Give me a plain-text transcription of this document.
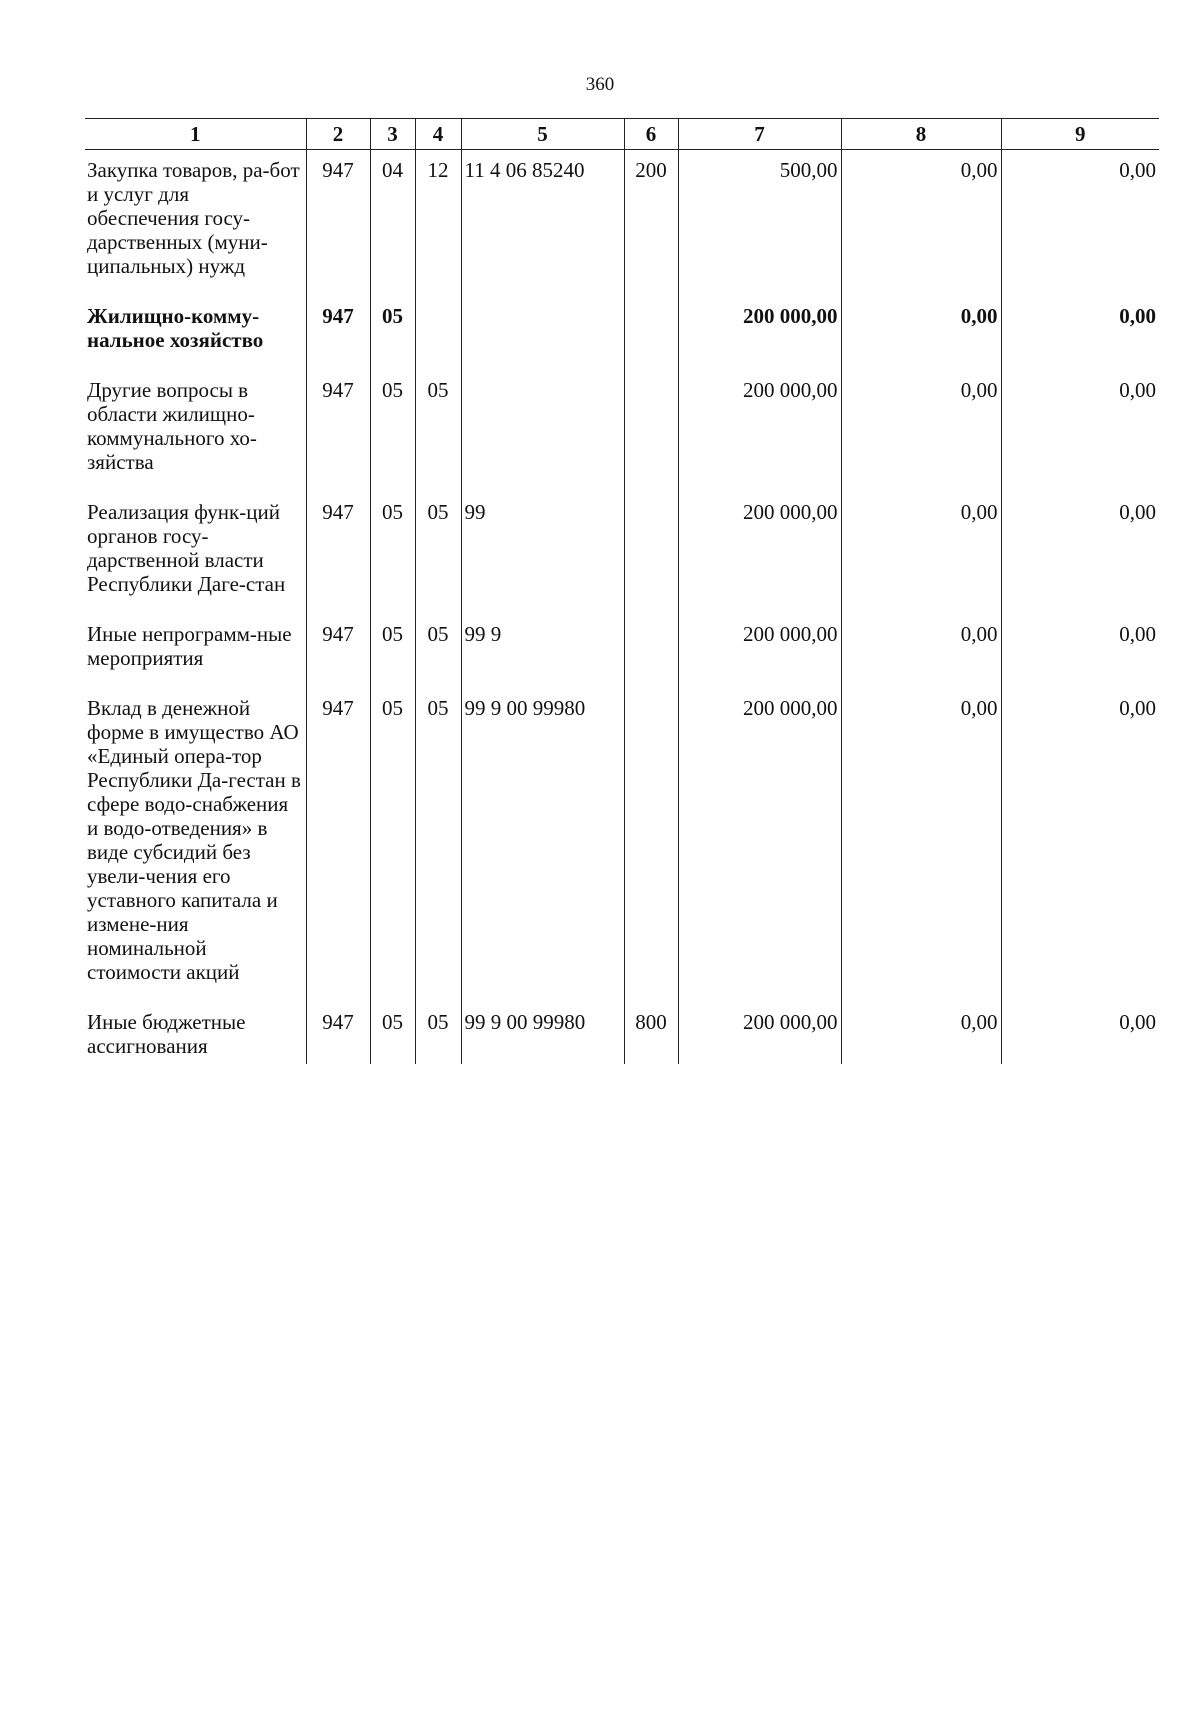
360
1	2	3	4	5	6	7	8	9
Закупка товаров, ра-бот и услуг для обеспечения госу-дарственных (муни-ципальных) нужд	947	04	12	11 4 06 85240	200	500,00	0,00	0,00
Жилищно-комму-нальное хозяйство	947	05				200 000,00	0,00	0,00
Другие вопросы в области жилищно-коммунального хо-зяйства	947	05	05			200 000,00	0,00	0,00
Реализация функ-ций органов госу-дарственной власти Республики Даге-стан	947	05	05	99		200 000,00	0,00	0,00
Иные непрограмм-ные мероприятия	947	05	05	99 9		200 000,00	0,00	0,00
Вклад в денежной форме в имущество АО «Единый опера-тор Республики Да-гестан в сфере водо-снабжения и водо-отведения» в виде субсидий без увели-чения его уставного капитала и измене-ния номинальной стоимости акций	947	05	05	99 9 00 99980		200 000,00	0,00	0,00
Иные бюджетные ассигнования	947	05	05	99 9 00 99980	800	200 000,00	0,00	0,00
